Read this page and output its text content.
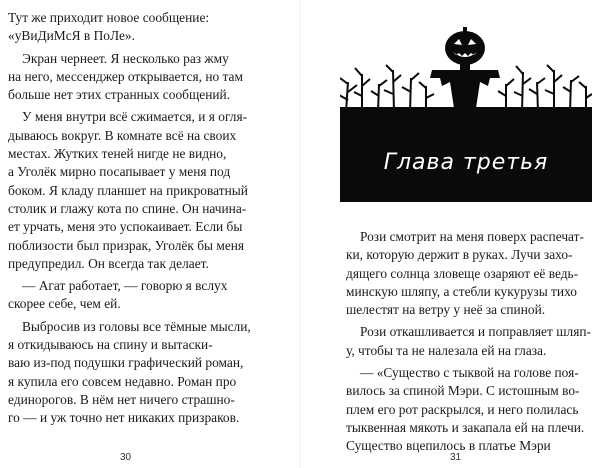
Тут же приходит новое сообщение:
«уВиДиМсЯ в ПоЛе».
Экран чернеет. Я несколько раз жму
на него, мессенджер открывается, но там
больше нет этих странных сообщений.
У меня внутри всё сжимается, и я огля-
дываюсь вокруг. В комнате всё на своих
местах. Жутких теней нигде не видно,
а Уголёк мирно посапывает у меня под
боком. Я кладу планшет на прикроватный
столик и глажу кота по спине. Он начина-
ет урчать, меня это успокаивает. Если бы
поблизости был призрак, Уголёк бы меня
предупредил. Он всегда так делает.
— Агат работает, — говорю я вслух
скорее себе, чем ей.
Выбросив из головы все тёмные мысли,
я откидываюсь на спину и вытаски-
ваю из-под подушки графический роман,
я купила его совсем недавно. Роман про
единорогов. В нём нет ничего страшно-
го — и уж точно нет никаких призраков.
30
Глава третья
Рози смотрит на меня поверх распечат-
ки, которую держит в руках. Лучи захо-
дящего солнца зловеще озаряют её ведь-
минскую шляпу, а стебли кукурузы тихо
шелестят на ветру у неё за спиной.
Рози откашливается и поправляет шляп-
у, чтобы та не налезала ей на глаза.
— «Существо с тыквой на голове поя-
вилось за спиной Мэри. С истошным во-
плем его рот раскрылся, и него полилась
тыквенная мякоть и закапала ей на плечи.
Существо вцепилось в платье Мэри
31
